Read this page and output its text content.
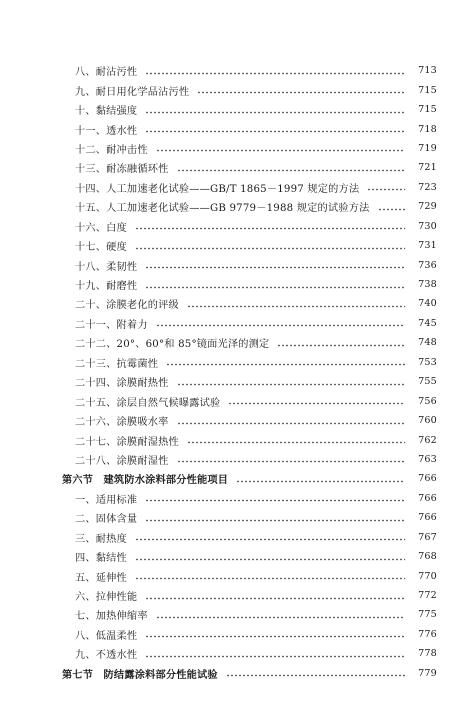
八、耐沾污性	713
九、耐日用化学品沾污性	715
十、黏结强度	715
十一、透水性	718
十二、耐冲击性	719
十三、耐冻融循环性	721
十四、人工加速老化试验——GB/T 1865－1997 规定的方法	723
十五、人工加速老化试验——GB 9779－1988 规定的试验方法	729
十六、白度	730
十七、硬度	731
十八、柔韧性	736
十九、耐磨性	738
二十、涂膜老化的评级	740
二十一、附着力	745
二十二、20°、60°和 85°镜面光泽的测定	748
二十三、抗霉菌性	753
二十四、涂膜耐热性	755
二十五、涂层自然气候曝露试验	756
二十六、涂膜吸水率	760
二十七、涂膜耐湿热性	762
二十八、涂膜耐湿性	763
第六节　建筑防水涂料部分性能项目	766
一、适用标准	766
二、固体含量	766
三、耐热度	767
四、黏结性	768
五、延伸性	770
六、拉伸性能	772
七、加热伸缩率	775
八、低温柔性	776
九、不透水性	778
第七节　防结露涂料部分性能试验	779
